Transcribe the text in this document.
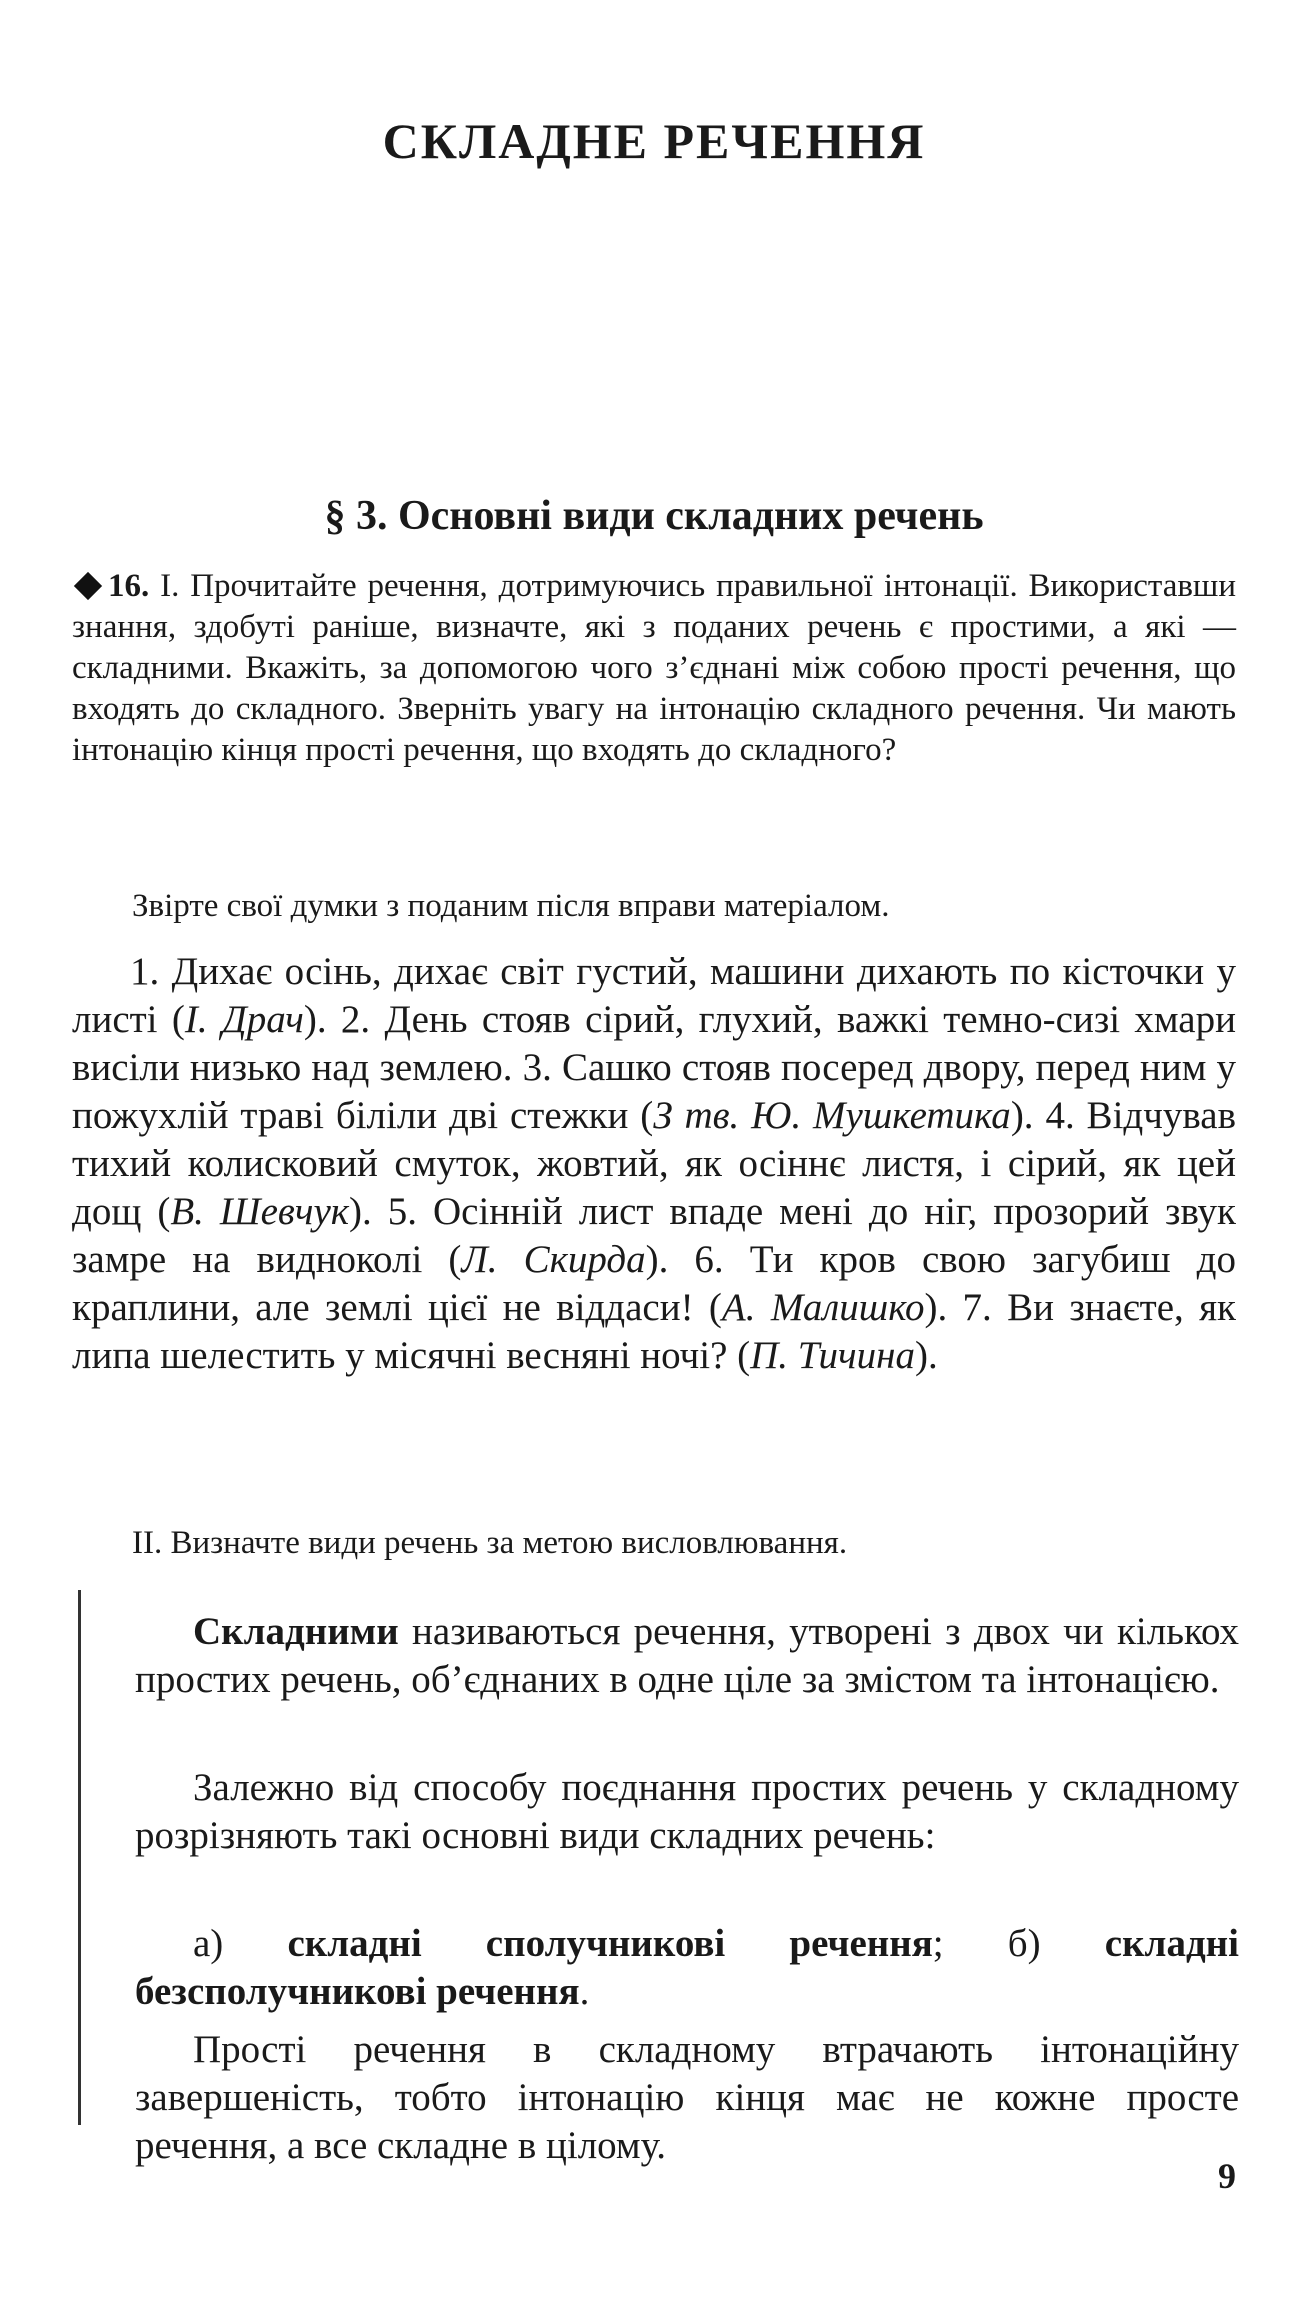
СКЛАДНЕ РЕЧЕННЯ
§ 3. Основні види складних речень

16. І. Прочитайте речення, дотримуючись правильної інтонації. Використавши знання, здобуті раніше, визначте, які з поданих речень є простими, а які — складними. Вкажіть, за допомогою чого з’єднані між собою прості речення, що входять до складного. Зверніть увагу на інтонацію складного речення. Чи мають інтонацію кінця прості речення, що входять до складного?

Звірте свої думки з поданим після вправи матеріалом.

1. Дихає осінь, дихає світ густий, машини дихають по кісточки у листі (І. Драч). 2. День стояв сірий, глухий, важкі темно-сизі хмари висіли низько над землею. 3. Сашко стояв посеред двору, перед ним у пожухлій траві біліли дві стежки (З тв. Ю. Мушкетика). 4. Відчував тихий колисковий смуток, жовтий, як осіннє листя, і сірий, як цей дощ (В. Шевчук). 5. Осінній лист впаде мені до ніг, прозорий звук замре на видноколі (Л. Скирда). 6. Ти кров свою загубиш до краплини, але землі цієї не віддаси! (А. Малишко). 7. Ви знаєте, як липа шелестить у місячні весняні ночі? (П. Тичина).

ІІ. Визначте види речень за метою висловлювання.

Складними називаються речення, утворені з двох чи кількох простих речень, об’єднаних в одне ціле за змістом та інтонацією.

Залежно від способу поєднання простих речень у складному розрізняють такі основні види складних речень:

а) складні сполучникові речення; б) складні безсполучникові речення.

Прості речення в складному втрачають інтонаційну завершеність, тобто інтонацію кінця має не кожне просте речення, а все складне в цілому.

9
